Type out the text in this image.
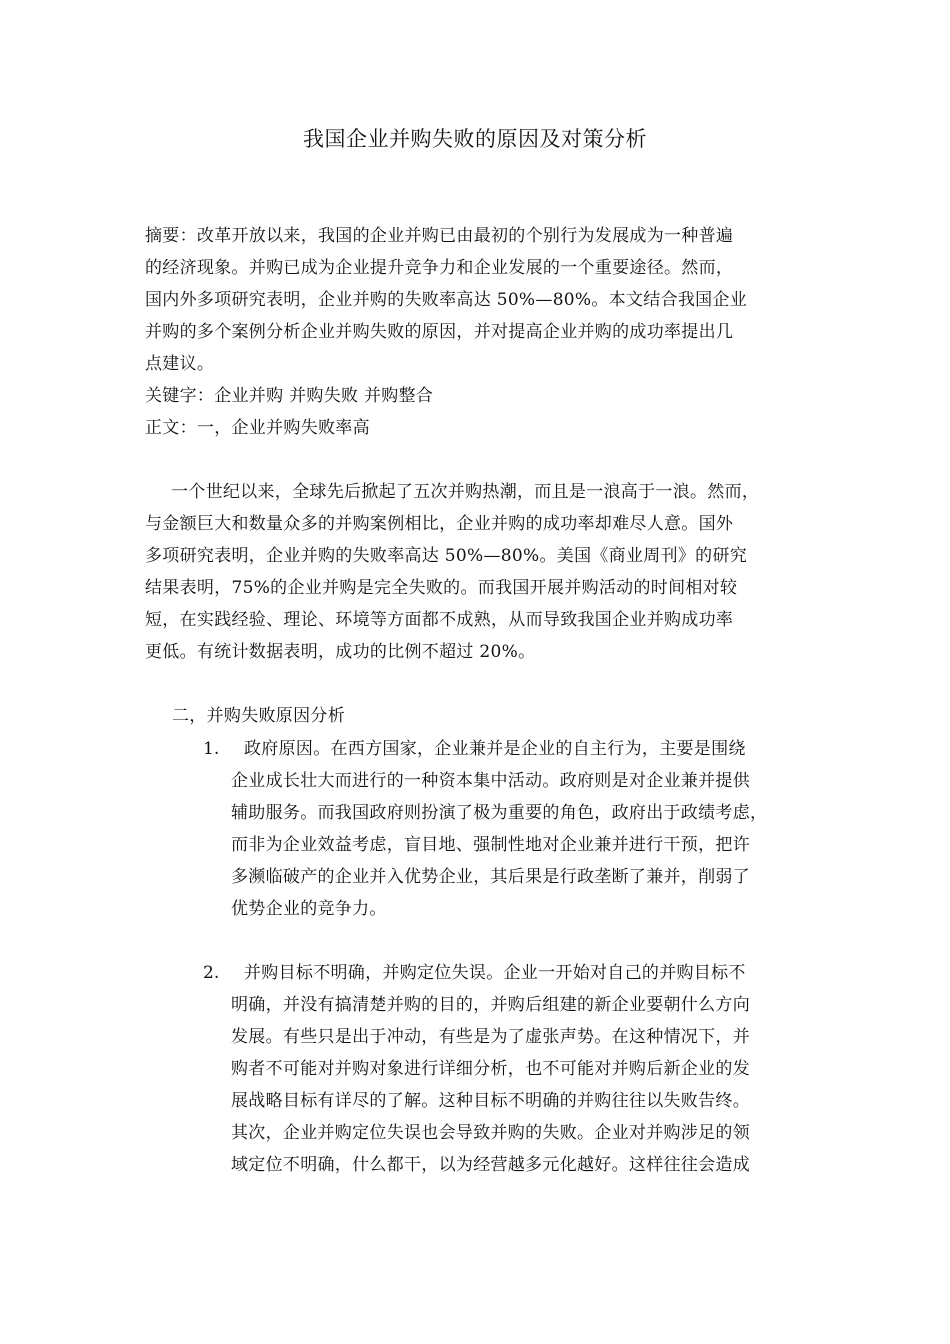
我国企业并购失败的原因及对策分析
摘要：改革开放以来，我国的企业并购已由最初的个别行为发展成为一种普遍
的经济现象。并购已成为企业提升竞争力和企业发展的一个重要途径。然而，
国内外多项研究表明，企业并购的失败率高达 50%—80%。本文结合我国企业
并购的多个案例分析企业并购失败的原因，并对提高企业并购的成功率提出几
点建议。
关键字：企业并购 并购失败 并购整合
正文：一，企业并购失败率高
一个世纪以来，全球先后掀起了五次并购热潮，而且是一浪高于一浪。然而，
与金额巨大和数量众多的并购案例相比，企业并购的成功率却难尽人意。国外
多项研究表明，企业并购的失败率高达 50%—80%。美国《商业周刊》的研究
结果表明，75%的企业并购是完全失败的。而我国开展并购活动的时间相对较
短，在实践经验、理论、环境等方面都不成熟，从而导致我国企业并购成功率
更低。有统计数据表明，成功的比例不超过 20%。
二，并购失败原因分析
1.	政府原因。在西方国家，企业兼并是企业的自主行为，主要是围绕
企业成长壮大而进行的一种资本集中活动。政府则是对企业兼并提供
辅助服务。而我国政府则扮演了极为重要的角色，政府出于政绩考虑，
而非为企业效益考虑，盲目地、强制性地对企业兼并进行干预，把许
多濒临破产的企业并入优势企业，其后果是行政垄断了兼并，削弱了
优势企业的竞争力。
2.	并购目标不明确，并购定位失误。企业一开始对自己的并购目标不
明确，并没有搞清楚并购的目的，并购后组建的新企业要朝什么方向
发展。有些只是出于冲动，有些是为了虚张声势。在这种情况下，并
购者不可能对并购对象进行详细分析，也不可能对并购后新企业的发
展战略目标有详尽的了解。这种目标不明确的并购往往以失败告终。
其次，企业并购定位失误也会导致并购的失败。企业对并购涉足的领
域定位不明确，什么都干，以为经营越多元化越好。这样往往会造成
